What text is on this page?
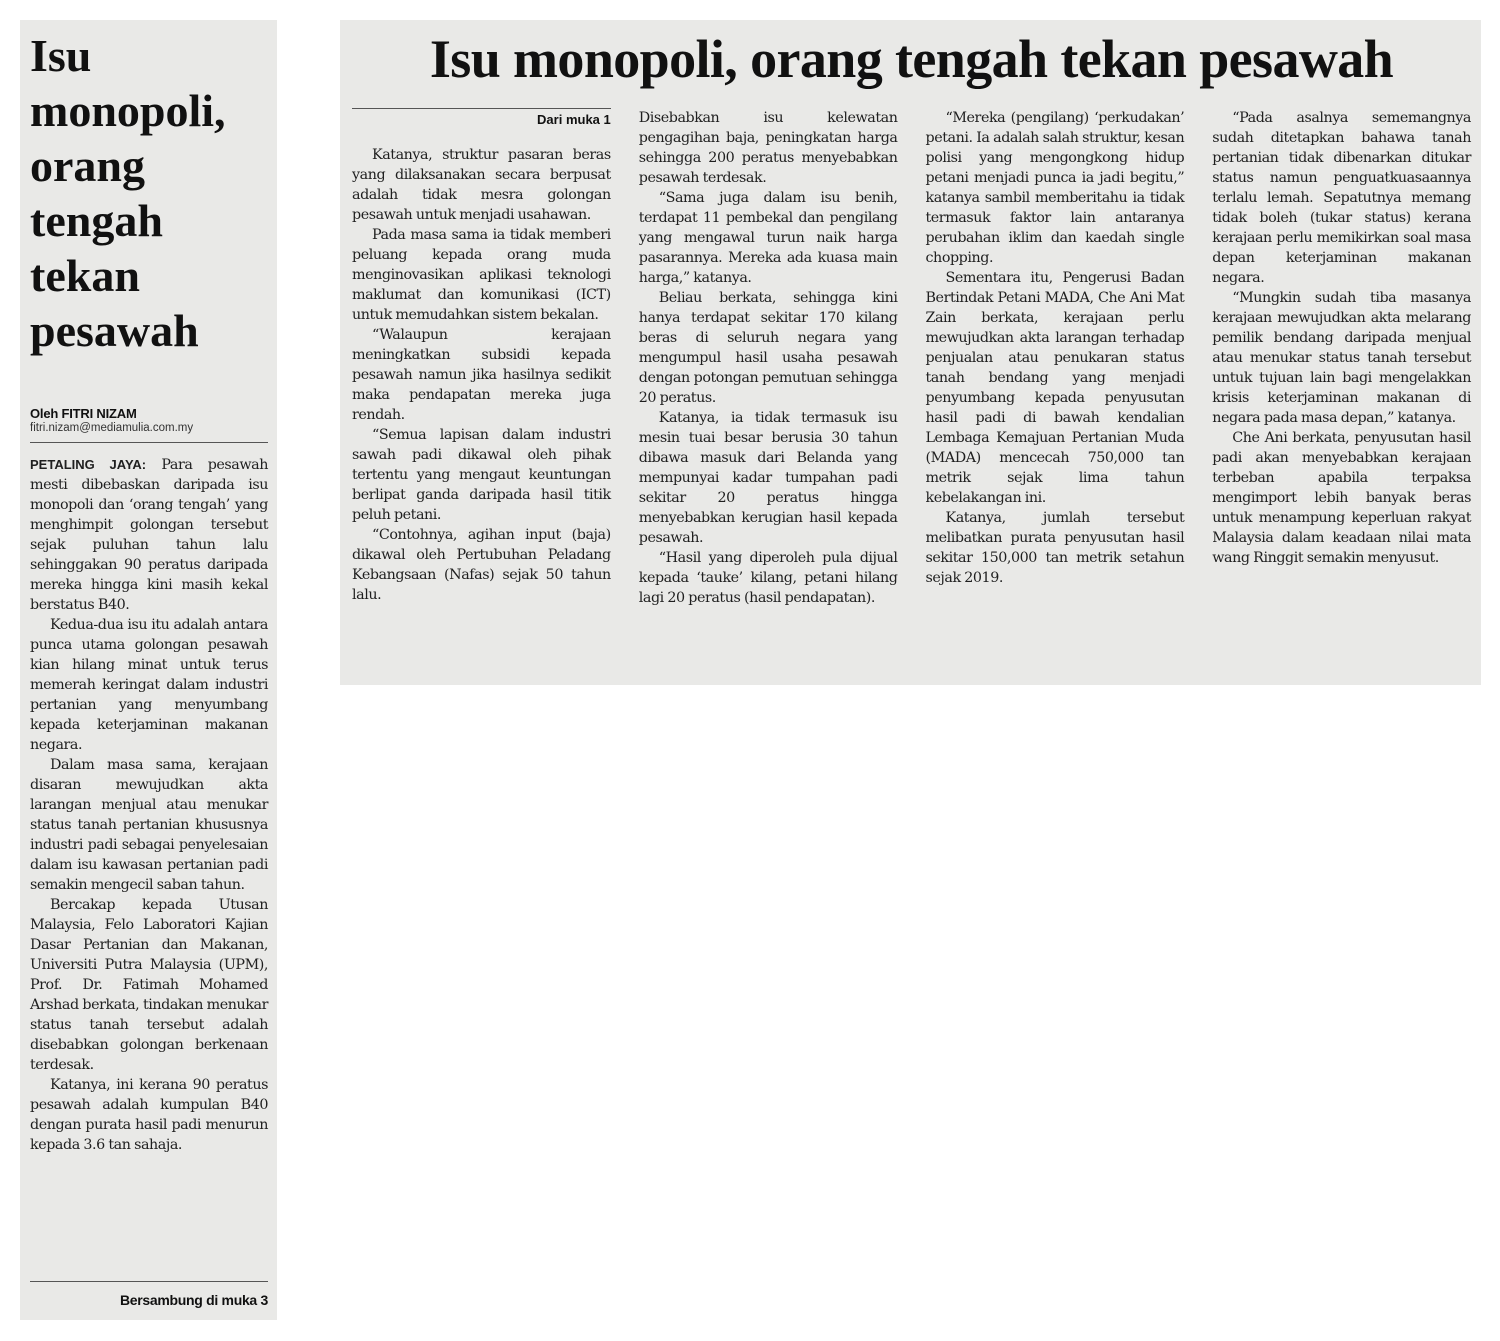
Isu monopoli, orang tengah tekan pesawah
Oleh FITRI NIZAM
fitri.nizam@mediamulia.com.my

PETALING JAYA: Para pesawah mesti dibebaskan daripada isu monopoli dan ‘orang tengah’ yang menghimpit golongan tersebut sejak puluhan tahun lalu sehinggakan 90 peratus daripada mereka hingga kini masih kekal berstatus B40.

Kedua-dua isu itu adalah antara punca utama golongan pesawah kian hilang minat untuk terus memerah keringat dalam industri pertanian yang menyumbang kepada keterjaminan makanan negara.

Dalam masa sama, kerajaan disaran mewujudkan akta larangan menjual atau menukar status tanah pertanian khususnya industri padi sebagai penyelesaian dalam isu kawasan pertanian padi semakin mengecil saban tahun.

Bercakap kepada Utusan Malaysia, Felo Laboratori Kajian Dasar Pertanian dan Makanan, Universiti Putra Malaysia (UPM), Prof. Dr. Fatimah Mohamed Arshad berkata, tindakan menukar status tanah tersebut adalah disebabkan golongan berkenaan terdesak.

Katanya, ini kerana 90 peratus pesawah adalah kumpulan B40 dengan purata hasil padi menurun kepada 3.6 tan sahaja.

Bersambung di muka 3
Isu monopoli, orang tengah tekan pesawah
Dari muka 1

Katanya, struktur pasaran beras yang dilaksanakan secara berpusat adalah tidak mesra golongan pesawah untuk menjadi usahawan.

Pada masa sama ia tidak memberi peluang kepada orang muda menginovasikan aplikasi teknologi maklumat dan komunikasi (ICT) untuk memudahkan sistem bekalan.

“Walaupun kerajaan meningkatkan subsidi kepada pesawah namun jika hasilnya sedikit maka pendapatan mereka juga rendah.

“Semua lapisan dalam industri sawah padi dikawal oleh pihak tertentu yang mengaut keuntungan berlipat ganda daripada hasil titik peluh petani.

“Contohnya, agihan input (baja) dikawal oleh Pertubuhan Peladang Kebangsaan (Nafas) sejak 50 tahun lalu.

Disebabkan isu kelewatan pengagihan baja, peningkatan harga sehingga 200 peratus menyebabkan pesawah terdesak.

“Sama juga dalam isu benih, terdapat 11 pembekal dan pengilang yang mengawal turun naik harga pasarannya. Mereka ada kuasa main harga,” katanya.

Beliau berkata, sehingga kini hanya terdapat sekitar 170 kilang beras di seluruh negara yang mengumpul hasil usaha pesawah dengan potongan pemutuan sehingga 20 peratus.

Katanya, ia tidak termasuk isu mesin tuai besar berusia 30 tahun dibawa masuk dari Belanda yang mempunyai kadar tumpahan padi sekitar 20 peratus hingga menyebabkan kerugian hasil kepada pesawah.

“Hasil yang diperoleh pula dijual kepada ‘tauke’ kilang, petani hilang lagi 20 peratus (hasil pendapatan).

“Mereka (pengilang) ‘perkudakan’ petani. Ia adalah salah struktur, kesan polisi yang mengongkong hidup petani menjadi punca ia jadi begitu,” katanya sambil memberitahu ia tidak termasuk faktor lain antaranya perubahan iklim dan kaedah single chopping.

Sementara itu, Pengerusi Badan Bertindak Petani MADA, Che Ani Mat Zain berkata, kerajaan perlu mewujudkan akta larangan terhadap penjualan atau penukaran status tanah bendang yang menjadi penyumbang kepada penyusutan hasil padi di bawah kendalian Lembaga Kemajuan Pertanian Muda (MADA) mencecah 750,000 tan metrik sejak lima tahun kebelakangan ini.

Katanya, jumlah tersebut melibatkan purata penyusutan hasil sekitar 150,000 tan metrik setahun sejak 2019.

“Pada asalnya sememangnya sudah ditetapkan bahawa tanah pertanian tidak dibenarkan ditukar status namun penguatkuasaannya terlalu lemah. Sepatutnya memang tidak boleh (tukar status) kerana kerajaan perlu memikirkan soal masa depan keterjaminan makanan negara.

“Mungkin sudah tiba masanya kerajaan mewujudkan akta melarang pemilik bendang daripada menjual atau menukar status tanah tersebut untuk tujuan lain bagi mengelakkan krisis keterjaminan makanan di negara pada masa depan,” katanya.

Che Ani berkata, penyusutan hasil padi akan menyebabkan kerajaan terbeban apabila terpaksa mengimport lebih banyak beras untuk menampung keperluan rakyat Malaysia dalam keadaan nilai mata wang Ringgit semakin menyusut.
